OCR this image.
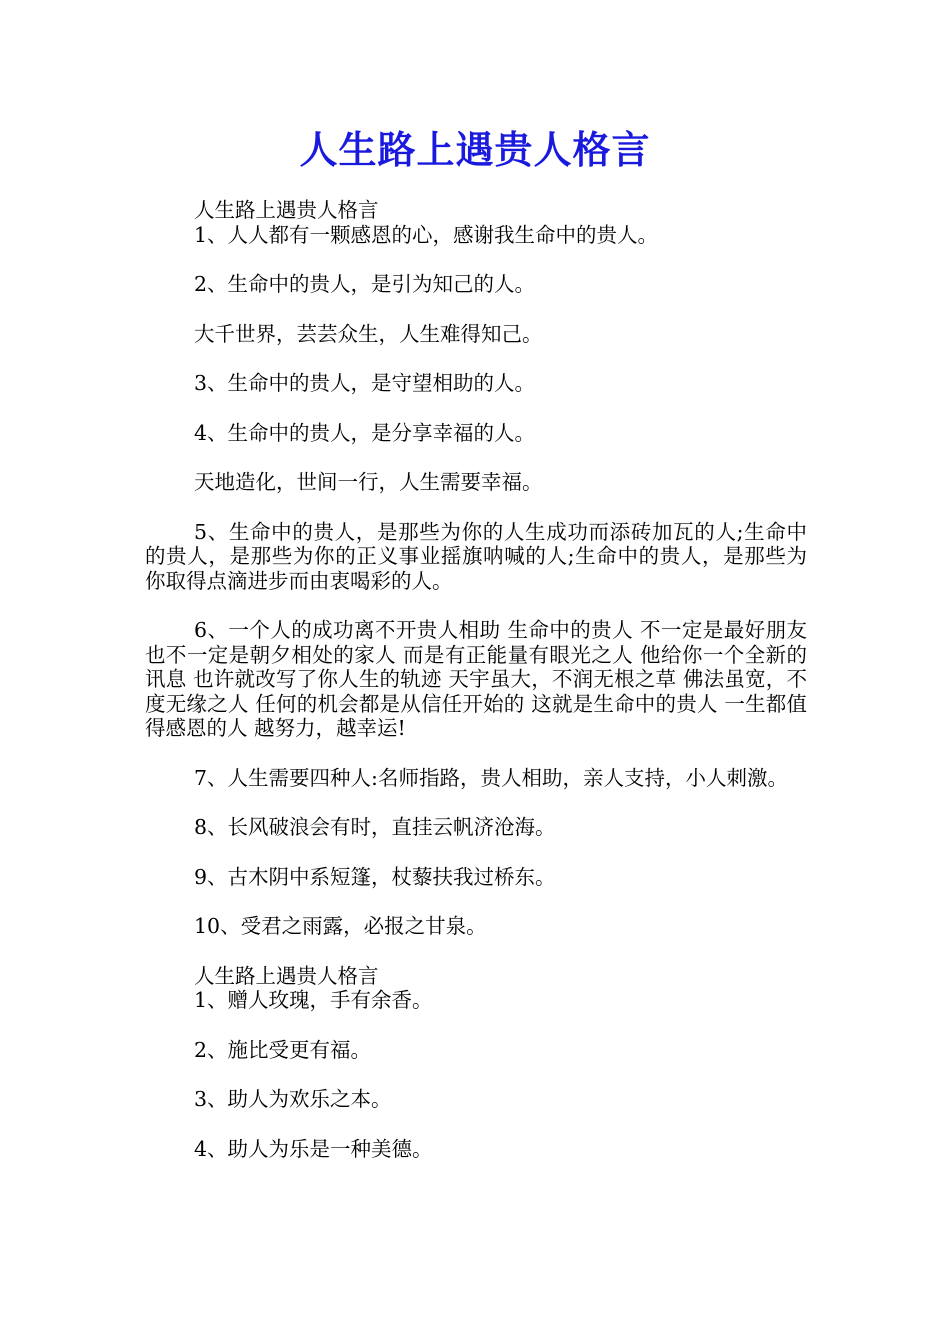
人生路上遇贵人格言

人生路上遇贵人格言

1、人人都有一颗感恩的心，感谢我生命中的贵人。

2、生命中的贵人，是引为知己的人。

大千世界，芸芸众生，人生难得知己。

3、生命中的贵人，是守望相助的人。

4、生命中的贵人，是分享幸福的人。

天地造化，世间一行，人生需要幸福。

5、生命中的贵人，是那些为你的人生成功而添砖加瓦的人;生命中的贵人，是那些为你的正义事业摇旗呐喊的人;生命中的贵人，是那些为你取得点滴进步而由衷喝彩的人。

6、一个人的成功离不开贵人相助 生命中的贵人 不一定是最好朋友 也不一定是朝夕相处的家人 而是有正能量有眼光之人 他给你一个全新的讯息 也许就改写了你人生的轨迹 天宇虽大，不润无根之草 佛法虽宽，不度无缘之人 任何的机会都是从信任开始的 这就是生命中的贵人 一生都值得感恩的人 越努力，越幸运!

7、人生需要四种人:名师指路，贵人相助，亲人支持，小人刺激。

8、长风破浪会有时，直挂云帆济沧海。

9、古木阴中系短篷，杖藜扶我过桥东。

10、受君之雨露，必报之甘泉。

人生路上遇贵人格言

1、赠人玫瑰，手有余香。

2、施比受更有福。

3、助人为欢乐之本。

4、助人为乐是一种美德。
